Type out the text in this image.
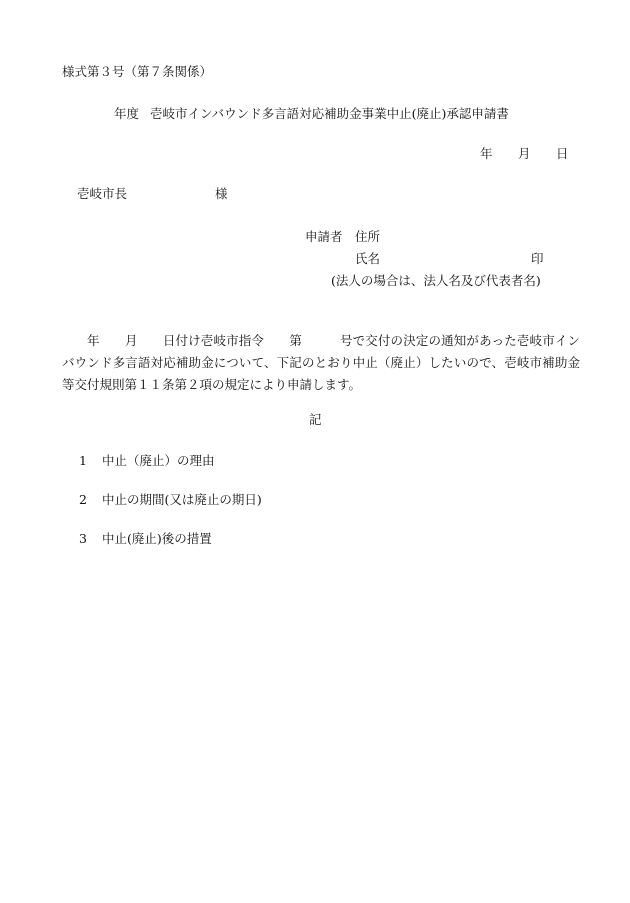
様式第３号（第７条関係）
年度 壱岐市インバウンド多言語対応補助金事業中止(廃止)承認申請書
年 月 日
壱岐市長	様
申請者 住所
氏名	印
(法人の場合は、法人名及び代表者名)
年　　月　　日付け壱岐市指令　　第　　　号で交付の決定の通知があった壱岐市インバウンド多言語対応補助金について、下記のとおり中止（廃止）したいので、壱岐市補助金等交付規則第１１条第２項の規定により申請します。
記
1 中止（廃止）の理由
2 中止の期間(又は廃止の期日)
3 中止(廃止)後の措置
